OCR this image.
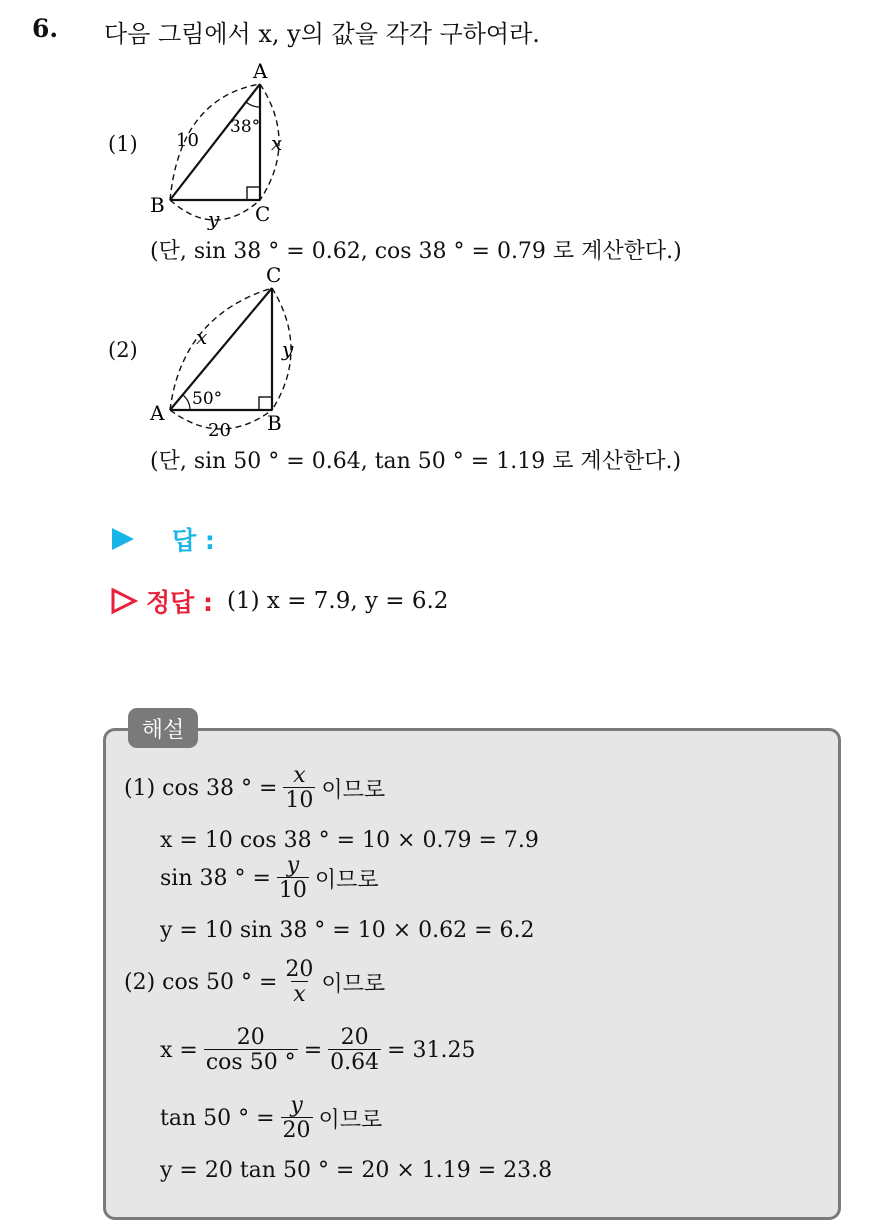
6. 다음 그림에서 x, y의 값을 각각 구하여라.
(1)
A
B	C
10
38°
x
y
(단, sin 38 ° = 0.62, cos 38 ° = 0.79 로 계산한다.)
(2)
C
A	B
x
50°
y
20
(단, sin 50 ° = 0.64, tan 50 ° = 1.19 로 계산한다.)
답 :
정답 : (1) x = 7.9, y = 6.2
해설
(1) cos 38 ° = $\frac{x}{10}$ 이므로
x = 10 cos 38 ° = 10 × 0.79 = 7.9
sin 38 ° = $\frac{y}{10}$ 이므로
y = 10 sin 38 ° = 10 × 0.62 = 6.2
(2) cos 50 ° = $\frac{20}{x}$ 이므로
$x = \frac{20}{\cos 50 ^\circ} = \frac{20}{0.64} = 31.25$
tan 50 ° = $\frac{y}{20}$ 이므로
y = 20 tan 50 ° = 20 × 1.19 = 23.8
